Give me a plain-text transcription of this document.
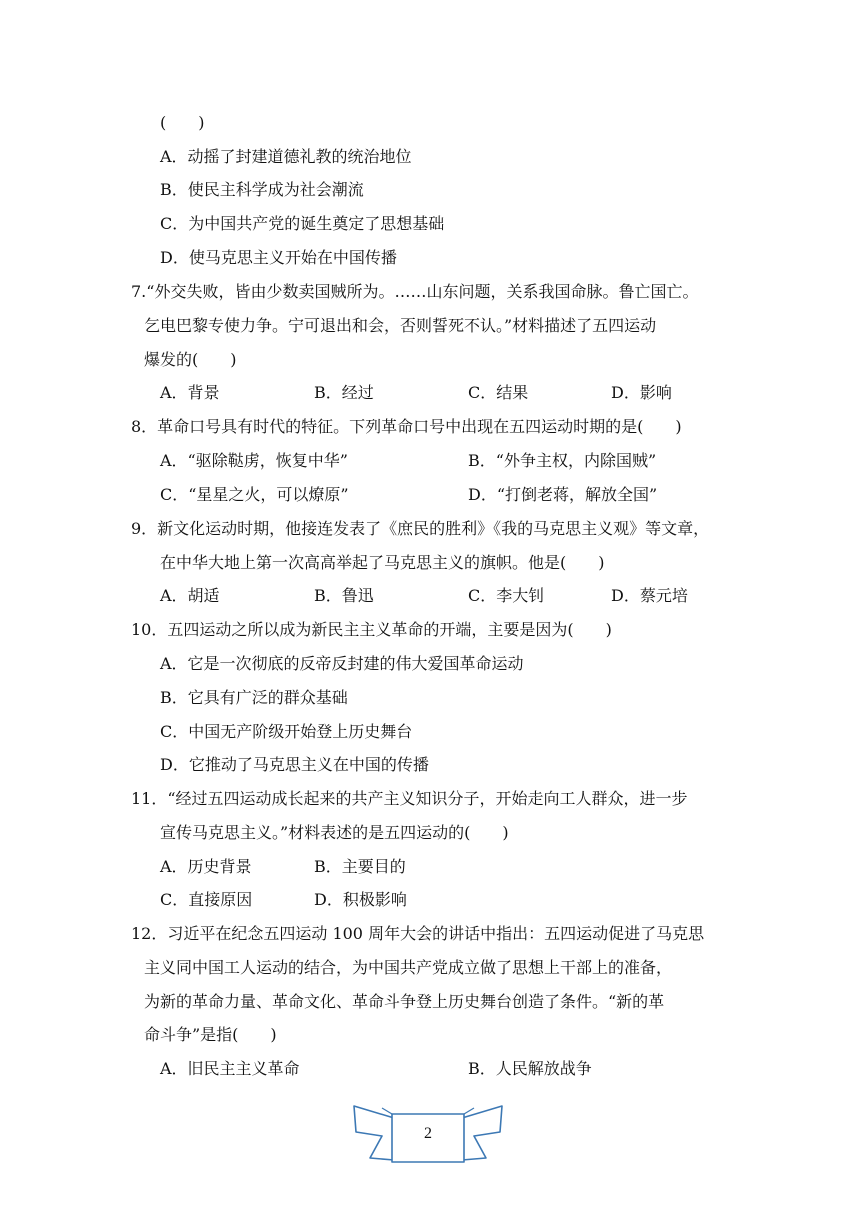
(　　)
A．动摇了封建道德礼教的统治地位
B．使民主科学成为社会潮流
C．为中国共产党的诞生奠定了思想基础
D．使马克思主义开始在中国传播
7.“外交失败，皆由少数卖国贼所为。……山东问题，关系我国命脉。鲁亡国亡。
乞电巴黎专使力争。宁可退出和会，否则誓死不认。”材料描述了五四运动
爆发的(　　)
A．背景	B．经过	C．结果	D．影响
8．革命口号具有时代的特征。下列革命口号中出现在五四运动时期的是(　　)
A．“驱除鞑虏，恢复中华”	B．“外争主权，内除国贼”
C．“星星之火，可以燎原”	D．“打倒老蒋，解放全国”
9．新文化运动时期，他接连发表了《庶民的胜利》《我的马克思主义观》等文章，
在中华大地上第一次高高举起了马克思主义的旗帜。他是(　　)
A．胡适	B．鲁迅	C．李大钊	D．蔡元培
10．五四运动之所以成为新民主主义革命的开端，主要是因为(　　)
A．它是一次彻底的反帝反封建的伟大爱国革命运动
B．它具有广泛的群众基础
C．中国无产阶级开始登上历史舞台
D．它推动了马克思主义在中国的传播
11．“经过五四运动成长起来的共产主义知识分子，开始走向工人群众，进一步
宣传马克思主义。”材料表述的是五四运动的(　　)
A．历史背景	B．主要目的
C．直接原因	D．积极影响
12．习近平在纪念五四运动 100 周年大会的讲话中指出：五四运动促进了马克思
主义同中国工人运动的结合，为中国共产党成立做了思想上干部上的准备，
为新的革命力量、革命文化、革命斗争登上历史舞台创造了条件。“新的革
命斗争”是指(　　)
A．旧民主主义革命	B．人民解放战争
2
